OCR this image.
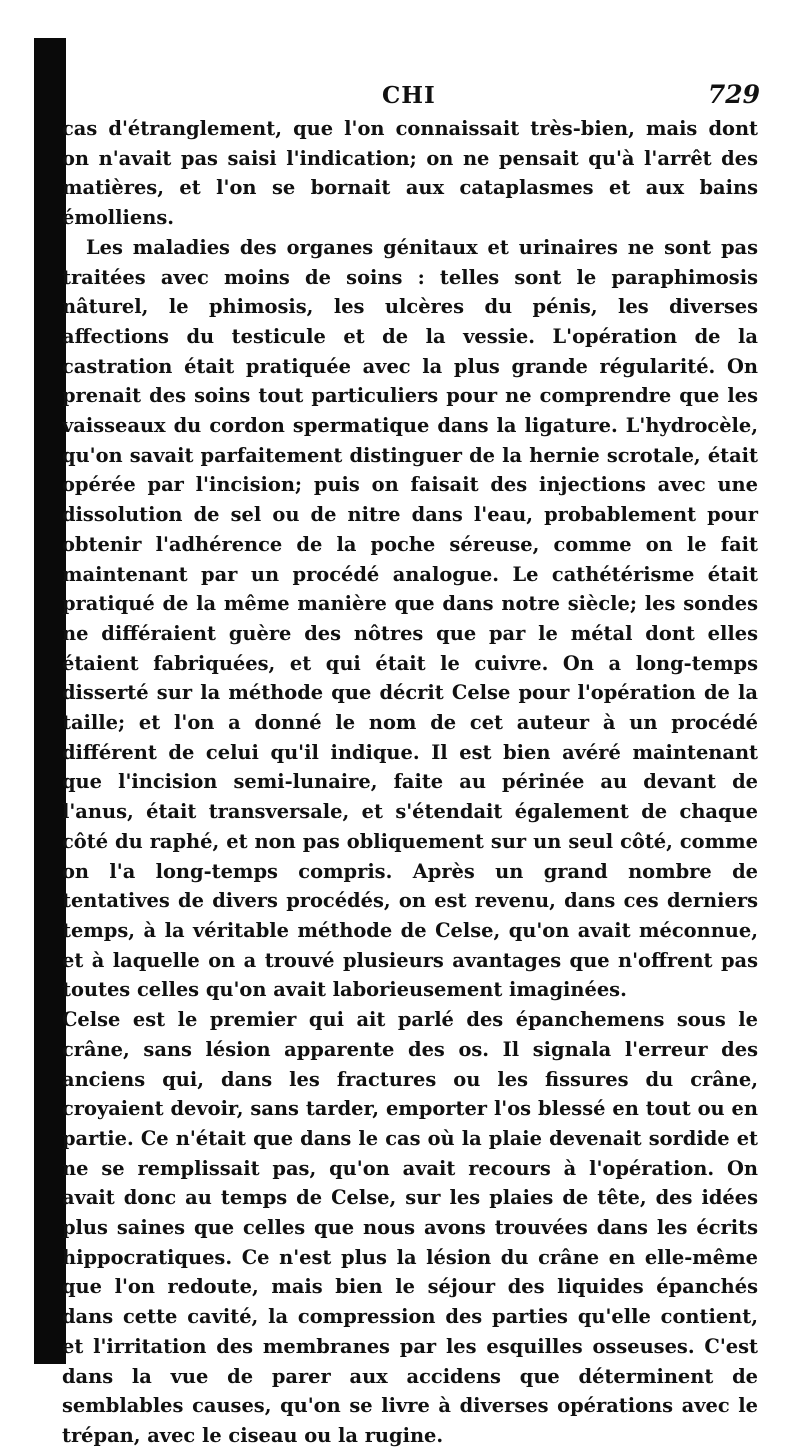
CHI	729

cas d'étranglement, que l'on connaissait très-bien, mais dont on n'avait pas saisi l'indication; on ne pensait qu'à l'arrêt des matières, et l'on se bornait aux cataplasmes et aux bains émolliens.

Les maladies des organes génitaux et urinaires ne sont pas traitées avec moins de soins : telles sont le paraphimosis nâturel, le phimosis, les ulcères du pénis, les diverses affections du testicule et de la vessie. L'opération de la castration était pratiquée avec la plus grande régularité. On prenait des soins tout particuliers pour ne comprendre que les vaisseaux du cordon spermatique dans la ligature. L'hydrocèle, qu'on savait parfaitement distinguer de la hernie scrotale, était opérée par l'incision; puis on faisait des injections avec une dissolution de sel ou de nitre dans l'eau, probablement pour obtenir l'adhérence de la poche séreuse, comme on le fait maintenant par un procédé analogue. Le cathétérisme était pratiqué de la même manière que dans notre siècle; les sondes ne différaient guère des nôtres que par le métal dont elles étaient fabriquées, et qui était le cuivre. On a long-temps disserté sur la méthode que décrit Celse pour l'opération de la taille; et l'on a donné le nom de cet auteur à un procédé différent de celui qu'il indique. Il est bien avéré maintenant que l'incision semi-lunaire, faite au périnée au devant de l'anus, était transversale, et s'étendait également de chaque côté du raphé, et non pas obliquement sur un seul côté, comme on l'a long-temps compris. Après un grand nombre de tentatives de divers procédés, on est revenu, dans ces derniers temps, à la véritable méthode de Celse, qu'on avait méconnue, et à laquelle on a trouvé plusieurs avantages que n'offrent pas toutes celles qu'on avait laborieusement imaginées.

Celse est le premier qui ait parlé des épanchemens sous le crâne, sans lésion apparente des os. Il signala l'erreur des anciens qui, dans les fractures ou les fissures du crâne, croyaient devoir, sans tarder, emporter l'os blessé en tout ou en partie. Ce n'était que dans le cas où la plaie devenait sordide et ne se remplissait pas, qu'on avait recours à l'opération. On avait donc au temps de Celse, sur les plaies de tête, des idées plus saines que celles que nous avons trouvées dans les écrits hippocratiques. Ce n'est plus la lésion du crâne en elle-même que l'on redoute, mais bien le séjour des liquides épanchés dans cette cavité, la compression des parties qu'elle contient, et l'irritation des membranes par les esquilles osseuses. C'est dans la vue de parer aux accidens que déterminent de semblables causes, qu'on se livre à diverses opérations avec le trépan, avec le ciseau ou la rugine.
